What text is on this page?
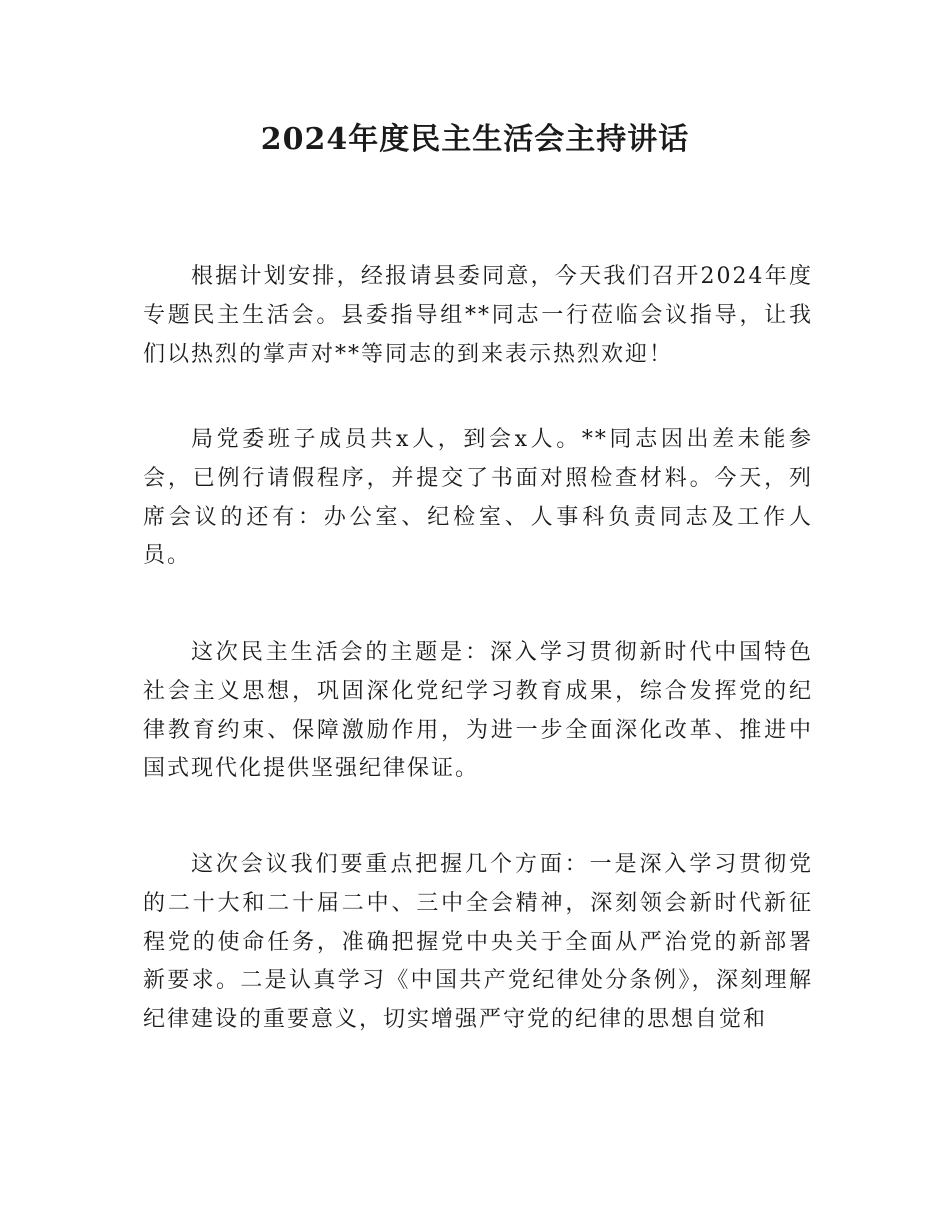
2024年度民主生活会主持讲话

根据计划安排，经报请县委同意，今天我们召开2024年度专题民主生活会。县委指导组**同志一行莅临会议指导，让我们以热烈的掌声对**等同志的到来表示热烈欢迎！

局党委班子成员共x人，到会x人。**同志因出差未能参会，已例行请假程序，并提交了书面对照检查材料。今天，列席会议的还有：办公室、纪检室、人事科负责同志及工作人员。

这次民主生活会的主题是：深入学习贯彻新时代中国特色社会主义思想，巩固深化党纪学习教育成果，综合发挥党的纪律教育约束、保障激励作用，为进一步全面深化改革、推进中国式现代化提供坚强纪律保证。

这次会议我们要重点把握几个方面：一是深入学习贯彻党的二十大和二十届二中、三中全会精神，深刻领会新时代新征程党的使命任务，准确把握党中央关于全面从严治党的新部署新要求。二是认真学习《中国共产党纪律处分条例》，深刻理解纪律建设的重要意义，切实增强严守党的纪律的思想自觉和
